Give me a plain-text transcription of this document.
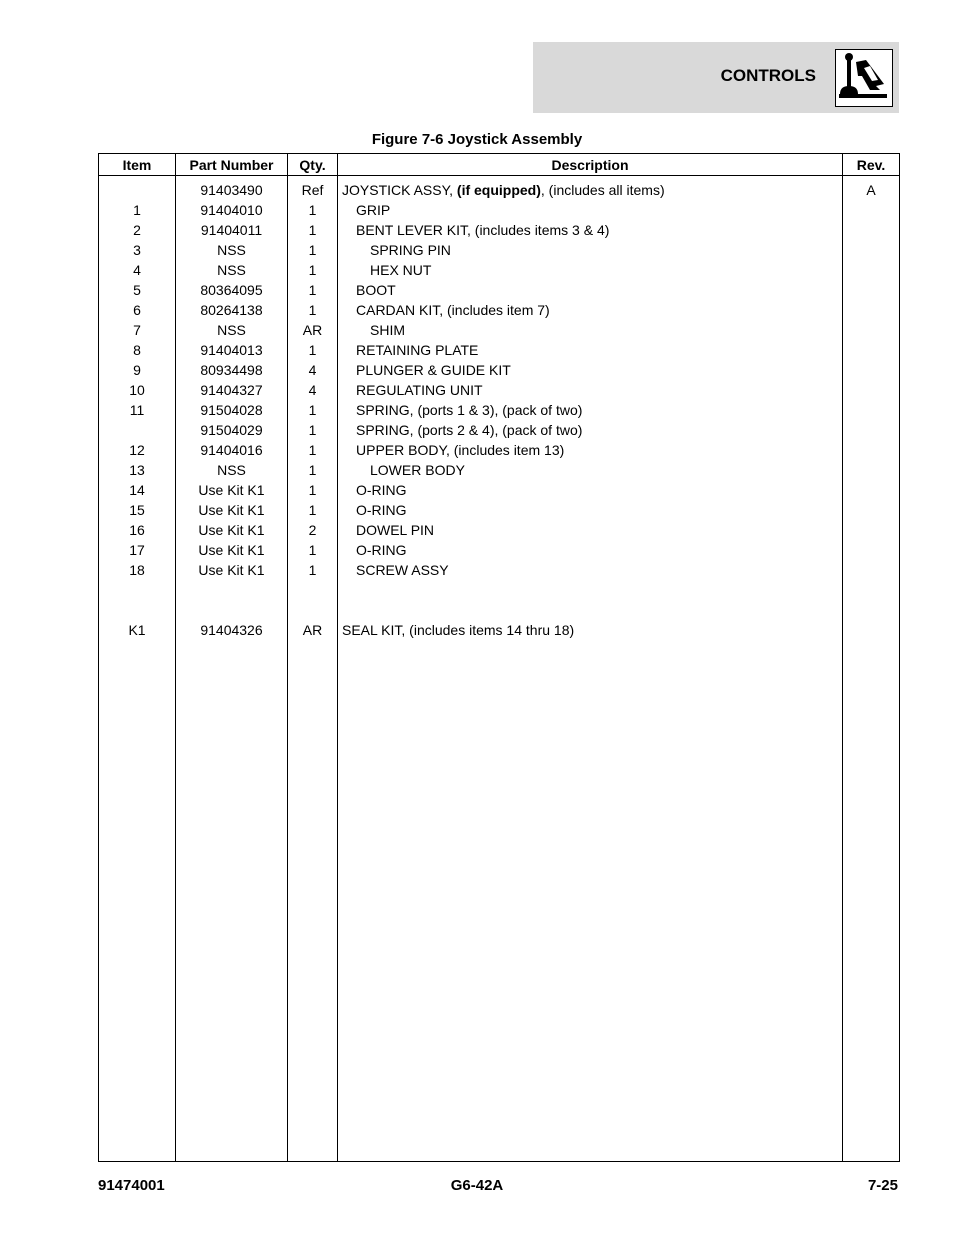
CONTROLS
Figure 7-6 Joystick Assembly
Item	Part Number	Qty.	Description	Rev.

	91403490	Ref	JOYSTICK ASSY, (if equipped), (includes all items)	A
1	91404010	1	GRIP	
2	91404011	1	BENT LEVER KIT, (includes items 3 & 4)	
3	NSS	1	SPRING PIN	
4	NSS	1	HEX NUT	
5	80364095	1	BOOT	
6	80264138	1	CARDAN KIT, (includes item 7)	
7	NSS	AR	SHIM	
8	91404013	1	RETAINING PLATE	
9	80934498	4	PLUNGER & GUIDE KIT	
10	91404327	4	REGULATING UNIT	
11	91504028	1	SPRING, (ports 1 & 3), (pack of two)	
	91504029	1	SPRING, (ports 2 & 4), (pack of two)	
12	91404016	1	UPPER BODY, (includes item 13)	
13	NSS	1	LOWER BODY	
14	Use Kit K1	1	O-RING	
15	Use Kit K1	1	O-RING	
16	Use Kit K1	2	DOWEL PIN	
17	Use Kit K1	1	O-RING	
18	Use Kit K1	1	SCREW ASSY	

K1	91404326	AR	SEAL KIT, (includes items 14 thru 18)	

91474001	G6-42A	7-25
